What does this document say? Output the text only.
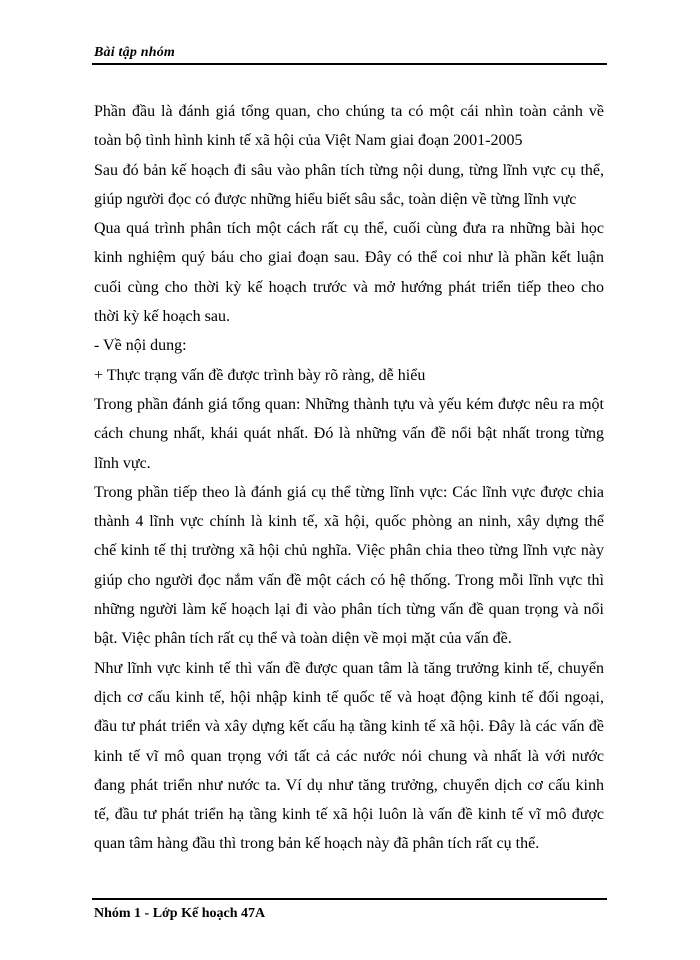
Bài tập nhóm
Phần đầu là đánh giá tổng quan, cho chúng ta có một cái nhìn toàn cảnh về
toàn bộ tình hình kinh tế xã hội của Việt Nam giai đoạn 2001-2005
Sau đó bản kế hoạch đi sâu vào phân tích từng nội dung, từng lĩnh vực cụ thể,
giúp người đọc có được những hiểu biết sâu sắc, toàn diện về từng lĩnh vực
Qua quá trình phân tích một cách rất cụ thể, cuối cùng đưa ra những bài học
kinh nghiệm quý báu cho giai đoạn sau. Đây có thể coi như là phần kết luận
cuối cùng cho thời kỳ kế hoạch trước và mở hướng phát triển tiếp theo cho
thời kỳ kế hoạch sau.
- Về nội dung:
+ Thực trạng vấn đề được trình bày rõ ràng, dễ hiểu
Trong phần đánh giá tổng quan: Những thành tựu và yếu kém được nêu ra một
cách chung nhất, khái quát nhất. Đó là những vấn đề nổi bật nhất trong từng
lĩnh vực.
Trong phần tiếp theo là đánh giá cụ thể từng lĩnh vực: Các lĩnh vực được chia
thành 4 lĩnh vực chính là kinh tế, xã hội, quốc phòng an ninh, xây dựng thể
chế kinh tế thị trường xã hội chủ nghĩa. Việc phân chia theo từng lĩnh vực này
giúp cho người đọc nắm vấn đề một cách có hệ thống. Trong mỗi lĩnh vực thì
những người làm kế hoạch lại đi vào phân tích từng vấn đề quan trọng và nổi
bật. Việc phân tích rất cụ thể và toàn diện về mọi mặt của vấn đề.
Như lĩnh vực kinh tế thì vấn đề được quan tâm là tăng trưởng kinh tế, chuyển
dịch cơ cấu kinh tế, hội nhập kinh tế quốc tế và hoạt động kinh tế đối ngoại,
đầu tư phát triển và xây dựng kết cấu hạ tầng kinh tế xã hội. Đây là các vấn đề
kinh tế vĩ mô quan trọng với tất cả các nước nói chung và nhất là với nước
đang phát triển như nước ta. Ví dụ như tăng trưởng, chuyển dịch cơ cấu kinh
tế, đầu tư phát triển hạ tầng kinh tế xã hội luôn là vấn đề kinh tế vĩ mô được
quan tâm hàng đầu thì trong bản kế hoạch này đã phân tích rất cụ thể.
Nhóm 1 - Lớp Kế hoạch 47A
